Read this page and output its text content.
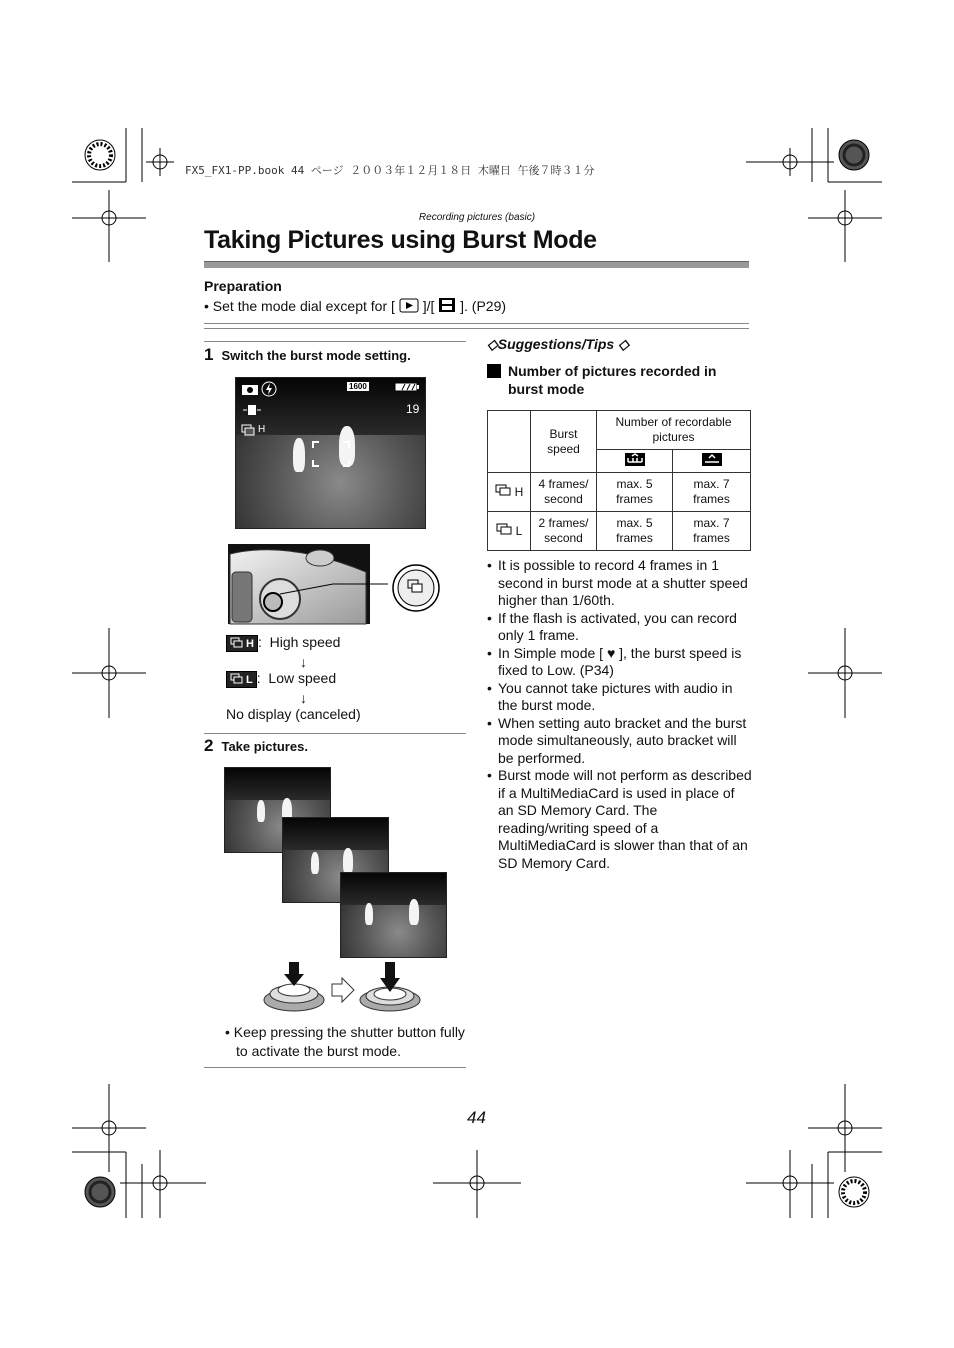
FX5_FX1-PP.book 44 ページ ２００３年１２月１８日 木曜日 午後７時３１分
Recording pictures (basic)
Taking Pictures using Burst Mode
Preparation
• Set the mode dial except for [ ]/[ ]. (P29)
1 Switch the burst mode setting.
1600
19
H
H : High speed
↓
L : Low speed
↓
No display (canceled)
2 Take pictures.
• Keep pressing the shutter button fully to activate the burst mode.
◇Suggestions/Tips ◇
Number of pictures recorded in burst mode
	Burst speed	Number of recordable pictures	

H	4 frames/ second	max. 5 frames	max. 7 frames
L	2 frames/ second	max. 5 frames	max. 7 frames
• It is possible to record 4 frames in 1 second in burst mode at a shutter speed higher than 1/60th.
• If the flash is activated, you can record only 1 frame.
• In Simple mode [ ♥ ], the burst speed is fixed to Low. (P34)
• You cannot take pictures with audio in the burst mode.
• When setting auto bracket and the burst mode simultaneously, auto bracket will be performed.
• Burst mode will not perform as described if a MultiMediaCard is used in place of an SD Memory Card. The reading/writing speed of a MultiMediaCard is slower than that of an SD Memory Card.
44
